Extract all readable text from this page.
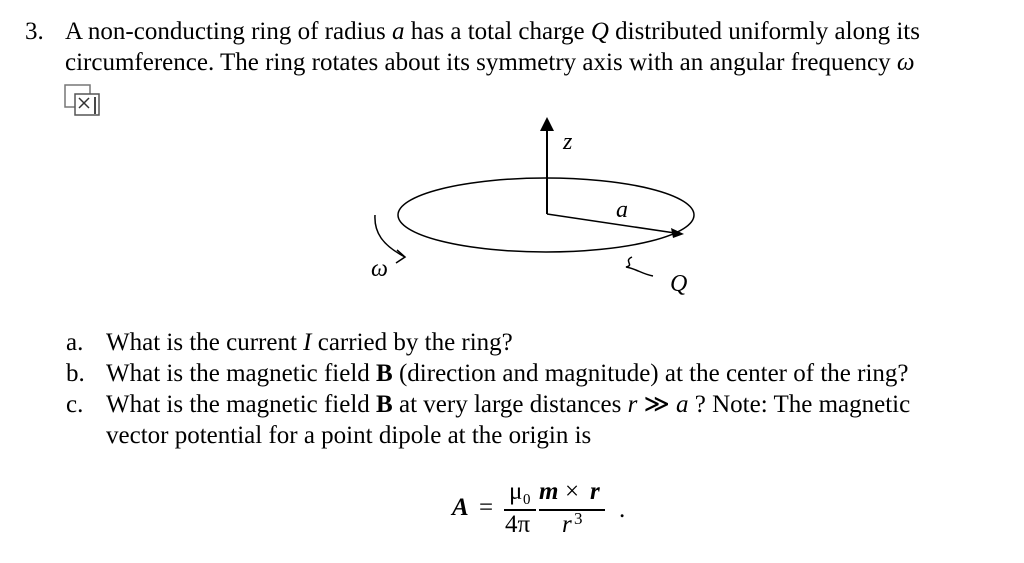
3. A non-conducting ring of radius a has a total charge Q distributed uniformly along its
circumference. The ring rotates about its symmetry axis with an angular frequency ω
z
a
ω
Q
a. What is the current I carried by the ring?
b. What is the magnetic field B (direction and magnitude) at the center of the ring?
c. What is the magnetic field B at very large distances r ≫ a ? Note: The magnetic
vector potential for a point dipole at the origin is
A =
μ₀
4π
m × r
r 3 .
